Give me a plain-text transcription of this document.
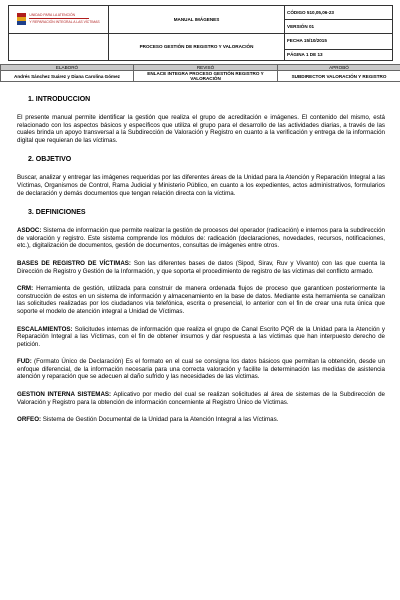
UNIDAD PARA LA ATENCIÓN
Y REPARACIÓN INTEGRAL A LAS VÍCTIMAS	MANUAL IMÁGENES	CÓDIGO 510,05,06-23
		VERSIÓN 01
	PROCESO GESTIÓN DE REGISTRO Y VALORACIÓN	FECHA 15/10/2015
		PÁGINA 1 DE 13
ELABORÓ	REVISÓ	APROBÓ
Andrés Sánchez Suárez y Diana Carolina Gómez	ENLACE INTEGRA PROCESO GESTIÓN REGISTRO Y VALORACIÓN	SUBDIRECTOR VALORACIÓN Y REGISTRO

1. INTRODUCCION

El presente manual permite identificar la gestión que realiza el grupo de acreditación e imágenes. El contenido del mismo, está relacionado con los aspectos básicos y específicos que utiliza el grupo para el desarrollo de las actividades diarias, a través de las cuales brinda un apoyo transversal a la Subdirección de Valoración y Registro en cuanto a la verificación y entrega de la información digital que requieran de las víctimas.

2. OBJETIVO

Buscar, analizar y entregar las imágenes requeridas por las diferentes áreas de la Unidad para la Atención y Reparación Integral a las Víctimas, Organismos de Control, Rama Judicial y Ministerio Público, en cuanto a los expedientes, actos administrativos, formularios de declaración y demás documentos que tengan relación directa con la víctima.

3. DEFINICIONES

ASDOC: Sistema de información que permite realizar la gestión de procesos del operador (radicación) e internos para la subdirección de valoración y registro. Este sistema comprende los módulos de: radicación (declaraciones, novedades, recursos, notificaciones, etc.), digitalización de documentos, gestión de documentos, consultas de imágenes entre otros.

BASES DE REGISTRO DE VÍCTIMAS: Son las diferentes bases de datos (Sipod, Sirav, Ruv y Vivanto) con las que cuenta la Dirección de Registro y Gestión de la Información, y que soporta el procedimiento de registro de las víctimas del conflicto armado.

CRM: Herramienta de gestión, utilizada para construir de manera ordenada flujos de proceso que garanticen posteriormente la construcción de estos en un sistema de información y almacenamiento en la base de datos. Mediante esta herramienta se canalizan las solicitudes realizadas por los ciudadanos vía telefónica, escrita o presencial, lo anterior con el fin de crear una ruta única que soporte el modelo de atención integral a Unidad de Víctimas.

ESCALAMIENTOS: Solicitudes internas de información que realiza el grupo de Canal Escrito PQR de la Unidad para la Atención y Reparación Integral a las Víctimas, con el fin de obtener insumos y dar respuesta a las víctimas que han interpuesto derecho de petición.

FUD: (Formato Único de Declaración) Es el formato en el cual se consigna los datos básicos que permitan la obtención, desde un enfoque diferencial, de la información necesaria para una correcta valoración y facilite la determinación las medidas de asistencia atención y reparación que se adecuen al daño sufrido y las necesidades de las víctimas.

GESTION INTERNA SISTEMAS: Aplicativo por medio del cual se realizan solicitudes al área de sistemas de la Subdirección de Valoración y Registro para la obtención de información concerniente al Registro Único de Víctimas.

ORFEO: Sistema de Gestión Documental de la Unidad para la Atención Integral a las Víctimas.
